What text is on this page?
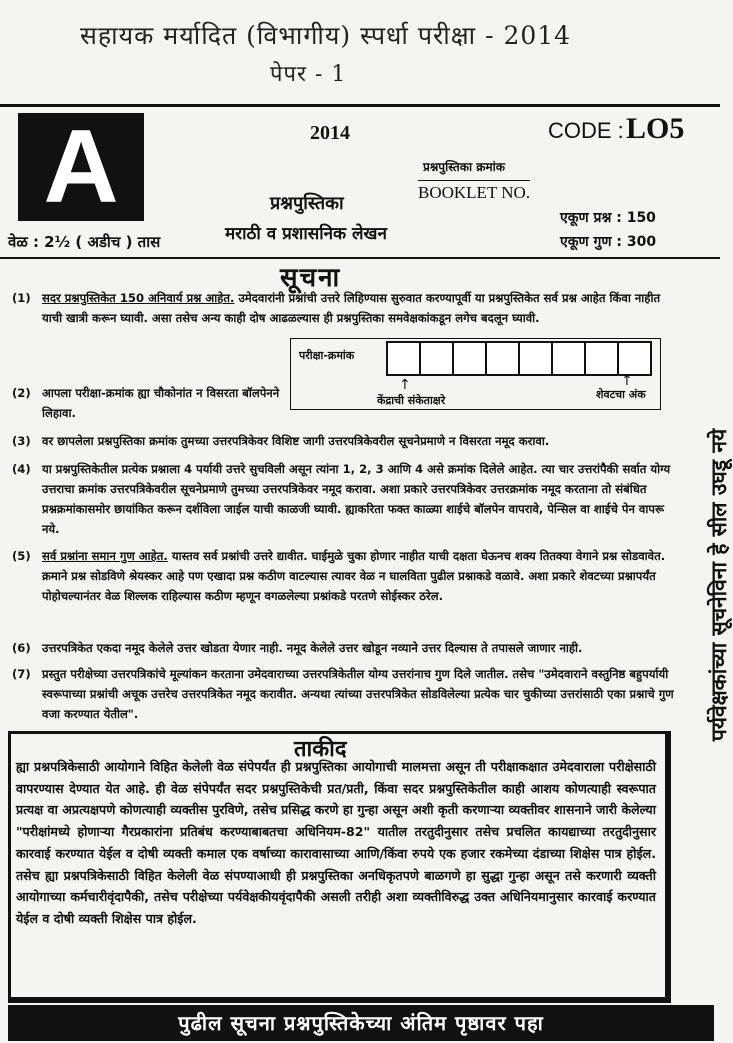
सहायक मर्यादित (विभागीय) स्पर्धा परीक्षा - 2014
पेपर - 1
A	2014	CODE : LO5
प्रश्नपुस्तिका क्रमांक
BOOKLET NO.
प्रश्नपुस्तिका
मराठी व प्रशासनिक लेखन
वेळ : 2½ ( अडीच ) तास
एकूण प्रश्न : 150
एकूण गुण : 300
सूचना
(1) सदर प्रश्नपुस्तिकेत 150 अनिवार्य प्रश्न आहेत. उमेदवारांनी प्रश्नांची उत्तरे लिहिण्यास सुरुवात करण्यापूर्वी या प्रश्नपुस्तिकेत सर्व प्रश्न आहेत किंवा नाहीत याची खात्री करून घ्यावी. असा तसेच अन्य काही दोष आढळल्यास ही प्रश्नपुस्तिका समवेक्षकांकडून लगेच बदलून घ्यावी.
(2) आपला परीक्षा-क्रमांक ह्या चौकोनांत न विसरता बॉलपेनने लिहावा.
परीक्षा-क्रमांक
↑	↑
केंद्राची संकेताक्षरे	शेवटचा अंक
(3) वर छापलेला प्रश्नपुस्तिका क्रमांक तुमच्या उत्तरपत्रिकेवर विशिष्ट जागी उत्तरपत्रिकेवरील सूचनेप्रमाणे न विसरता नमूद करावा.
(4) या प्रश्नपुस्तिकेतील प्रत्येक प्रश्नाला 4 पर्यायी उत्तरे सुचविली असून त्यांना 1, 2, 3 आणि 4 असे क्रमांक दिलेले आहेत. त्या चार उत्तरांपैकी सर्वात योग्य उत्तराचा क्रमांक उत्तरपत्रिकेवरील सूचनेप्रमाणे तुमच्या उत्तरपत्रिकेवर नमूद करावा. अशा प्रकारे उत्तरपत्रिकेवर उत्तरक्रमांक नमूद करताना तो संबंधित प्रश्नक्रमांकासमोर छायांकित करून दर्शविला जाईल याची काळजी घ्यावी. ह्याकरिता फक्त काळ्या शाईचे बॉलपेन वापरावे, पेन्सिल वा शाईचे पेन वापरू नये.
(5) सर्व प्रश्नांना समान गुण आहेत. यास्तव सर्व प्रश्नांची उत्तरे द्यावीत. घाईमुळे चुका होणार नाहीत याची दक्षता घेऊनच शक्य तितक्या वेगाने प्रश्न सोडवावेत. क्रमाने प्रश्न सोडविणे श्रेयस्कर आहे पण एखादा प्रश्न कठीण वाटल्यास त्यावर वेळ न घालविता पुढील प्रश्नाकडे वळावे. अशा प्रकारे शेवटच्या प्रश्नापर्यंत पोहोचल्यानंतर वेळ शिल्लक राहिल्यास कठीण म्हणून वगळलेल्या प्रश्नांकडे परतणे सोईस्कर ठरेल.
(6) उत्तरपत्रिकेत एकदा नमूद केलेले उत्तर खोडता येणार नाही. नमूद केलेले उत्तर खोडून नव्याने उत्तर दिल्यास ते तपासले जाणार नाही.
(7) प्रस्तुत परीक्षेच्या उत्तरपत्रिकांचे मूल्यांकन करताना उमेदवाराच्या उत्तरपत्रिकेतील योग्य उत्तरांनाच गुण दिले जातील. तसेच "उमेदवाराने वस्तुनिष्ठ बहुपर्यायी स्वरूपाच्या प्रश्नांची अचूक उत्तरेच उत्तरपत्रिकेत नमूद करावीत. अन्यथा त्यांच्या उत्तरपत्रिकेत सोडविलेल्या प्रत्येक चार चुकीच्या उत्तरांसाठी एका प्रश्नाचे गुण वजा करण्यात येतील".	पर्यवेक्षकांच्या सूचनेविना हे सील उघडू नये
ताकीद
ह्या प्रश्नपत्रिकेसाठी आयोगाने विहित केलेली वेळ संपेपर्यंत ही प्रश्नपुस्तिका आयोगाची मालमत्ता असून ती परीक्षाकक्षात उमेदवाराला परीक्षेसाठी वापरण्यास देण्यात येत आहे. ही वेळ संपेपर्यंत सदर प्रश्नपुस्तिकेची प्रत/प्रती, किंवा सदर प्रश्नपुस्तिकेतील काही आशय कोणत्याही स्वरूपात प्रत्यक्ष वा अप्रत्यक्षपणे कोणत्याही व्यक्तीस पुरविणे, तसेच प्रसिद्ध करणे हा गुन्हा असून अशी कृती करणाऱ्या व्यक्तीवर शासनाने जारी केलेल्या "परीक्षांमध्ये होणाऱ्या गैरप्रकारांना प्रतिबंध करण्याबाबतचा अधिनियम-82" यातील तरतुदीनुसार तसेच प्रचलित कायद्याच्या तरतुदीनुसार कारवाई करण्यात येईल व दोषी व्यक्ती कमाल एक वर्षाच्या कारावासाच्या आणि/किंवा रुपये एक हजार रकमेच्या दंडाच्या शिक्षेस पात्र होईल. तसेच ह्या प्रश्नपत्रिकेसाठी विहित केलेली वेळ संपण्याआधी ही प्रश्नपुस्तिका अनधिकृतपणे बाळगणे हा सुद्धा गुन्हा असून तसे करणारी व्यक्ती आयोगाच्या कर्मचारीवृंदापैकी, तसेच परीक्षेच्या पर्यवेक्षकीयवृंदापैकी असली तरीही अशा व्यक्तीविरुद्ध उक्त अधिनियमानुसार कारवाई करण्यात येईल व दोषी व्यक्ती शिक्षेस पात्र होईल.
पुढील सूचना प्रश्नपुस्तिकेच्या अंतिम पृष्ठावर पहा
